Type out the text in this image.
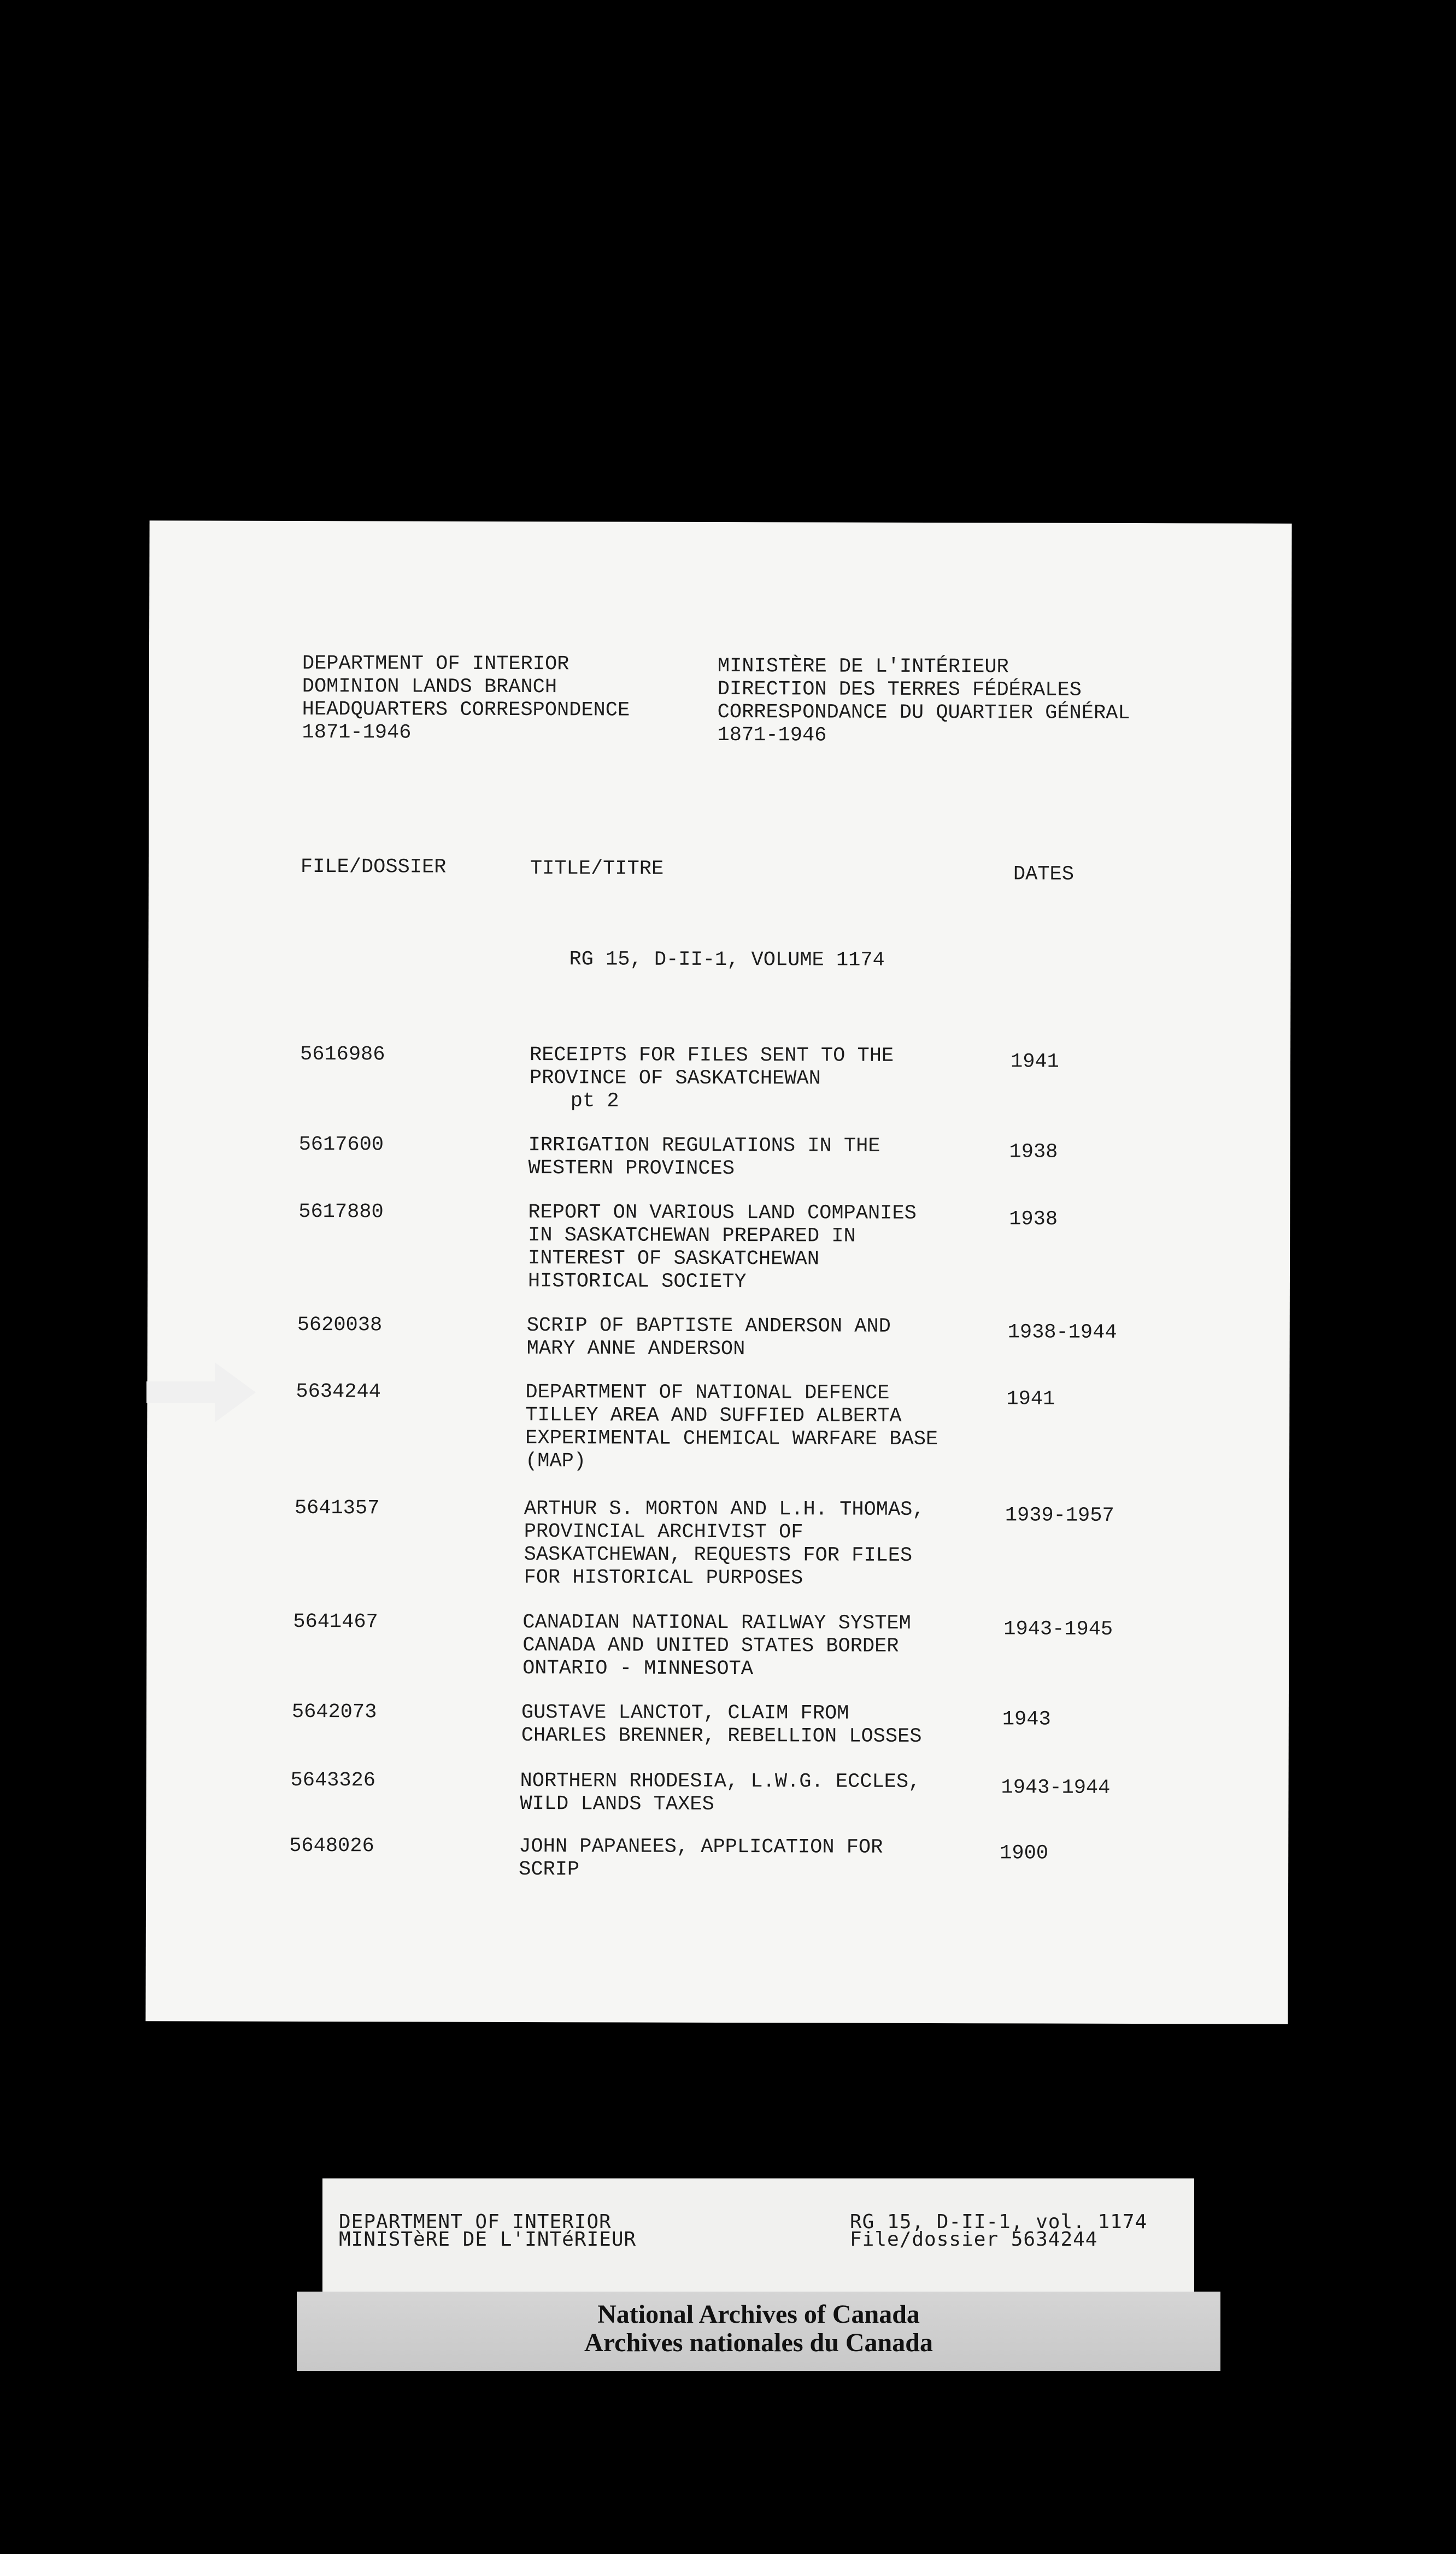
DEPARTMENT OF INTERIOR
DOMINION LANDS BRANCH
HEADQUARTERS CORRESPONDENCE
1871-1946
MINISTÈRE DE L'INTÉRIEUR
DIRECTION DES TERRES FÉDÉRALES
CORRESPONDANCE DU QUARTIER GÉNÉRAL
1871-1946
FILE/DOSSIER	TITLE/TITRE	DATES
RG 15, D-II-1, VOLUME 1174
5616986	RECEIPTS FOR FILES SENT TO THE
PROVINCE OF SASKATCHEWAN
pt 2
1941
5617600	IRRIGATION REGULATIONS IN THE
WESTERN PROVINCES
1938
5617880	REPORT ON VARIOUS LAND COMPANIES
IN SASKATCHEWAN PREPARED IN
INTEREST OF SASKATCHEWAN
HISTORICAL SOCIETY
1938
5620038	SCRIP OF BAPTISTE ANDERSON AND
MARY ANNE ANDERSON
1938-1944
5634244	DEPARTMENT OF NATIONAL DEFENCE
TILLEY AREA AND SUFFIED ALBERTA
EXPERIMENTAL CHEMICAL WARFARE BASE
(MAP)
1941
5641357	ARTHUR S. MORTON AND L.H. THOMAS,
PROVINCIAL ARCHIVIST OF
SASKATCHEWAN, REQUESTS FOR FILES
FOR HISTORICAL PURPOSES
1939-1957
5641467	CANADIAN NATIONAL RAILWAY SYSTEM
CANADA AND UNITED STATES BORDER
ONTARIO - MINNESOTA
1943-1945
5642073	GUSTAVE LANCTOT, CLAIM FROM
CHARLES BRENNER, REBELLION LOSSES
1943
5643326	NORTHERN RHODESIA, L.W.G. ECCLES,
WILD LANDS TAXES
1943-1944
5648026	JOHN PAPANEES, APPLICATION FOR
SCRIP
1900
DEPARTMENT OF INTERIOR
MINISTèRE DE L'INTéRIEUR
RG 15, D-II-1, vol. 1174
File/dossier 5634244
National Archives of Canada
Archives nationales du Canada
